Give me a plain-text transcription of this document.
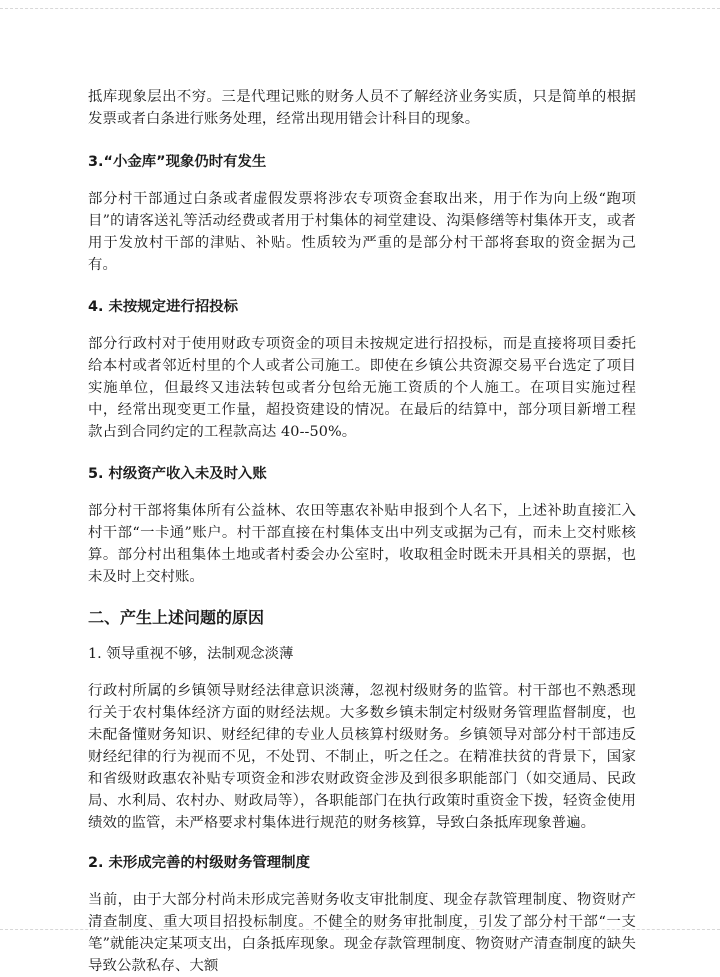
抵库现象层出不穷。三是代理记账的财务人员不了解经济业务实质，只是简单的根据发票或者白条进行账务处理，经常出现用错会计科目的现象。

3.“小金库”现象仍时有发生

部分村干部通过白条或者虚假发票将涉农专项资金套取出来，用于作为向上级“跑项目”的请客送礼等活动经费或者用于村集体的祠堂建设、沟渠修缮等村集体开支，或者用于发放村干部的津贴、补贴。性质较为严重的是部分村干部将套取的资金据为己有。

4. 未按规定进行招投标

部分行政村对于使用财政专项资金的项目未按规定进行招投标，而是直接将项目委托给本村或者邻近村里的个人或者公司施工。即使在乡镇公共资源交易平台选定了项目实施单位，但最终又违法转包或者分包给无施工资质的个人施工。在项目实施过程中，经常出现变更工作量，超投资建设的情况。在最后的结算中，部分项目新增工程款占到合同约定的工程款高达 40--50%。

5. 村级资产收入未及时入账

部分村干部将集体所有公益林、农田等惠农补贴申报到个人名下，上述补助直接汇入村干部“一卡通”账户。村干部直接在村集体支出中列支或据为己有，而未上交村账核算。部分村出租集体土地或者村委会办公室时，收取租金时既未开具相关的票据，也未及时上交村账。

二、产生上述问题的原因

1. 领导重视不够，法制观念淡薄

行政村所属的乡镇领导财经法律意识淡薄，忽视村级财务的监管。村干部也不熟悉现行关于农村集体经济方面的财经法规。大多数乡镇未制定村级财务管理监督制度，也未配备懂财务知识、财经纪律的专业人员核算村级财务。乡镇领导对部分村干部违反财经纪律的行为视而不见，不处罚、不制止，听之任之。在精准扶贫的背景下，国家和省级财政惠农补贴专项资金和涉农财政资金涉及到很多职能部门（如交通局、民政局、水利局、农村办、财政局等），各职能部门在执行政策时重资金下拨，轻资金使用绩效的监管，未严格要求村集体进行规范的财务核算，导致白条抵库现象普遍。

2. 未形成完善的村级财务管理制度

当前，由于大部分村尚未形成完善财务收支审批制度、现金存款管理制度、物资财产清查制度、重大项目招投标制度。不健全的财务审批制度，引发了部分村干部“一支笔”就能决定某项支出，白条抵库现象。现金存款管理制度、物资财产清查制度的缺失导致公款私存、大额
